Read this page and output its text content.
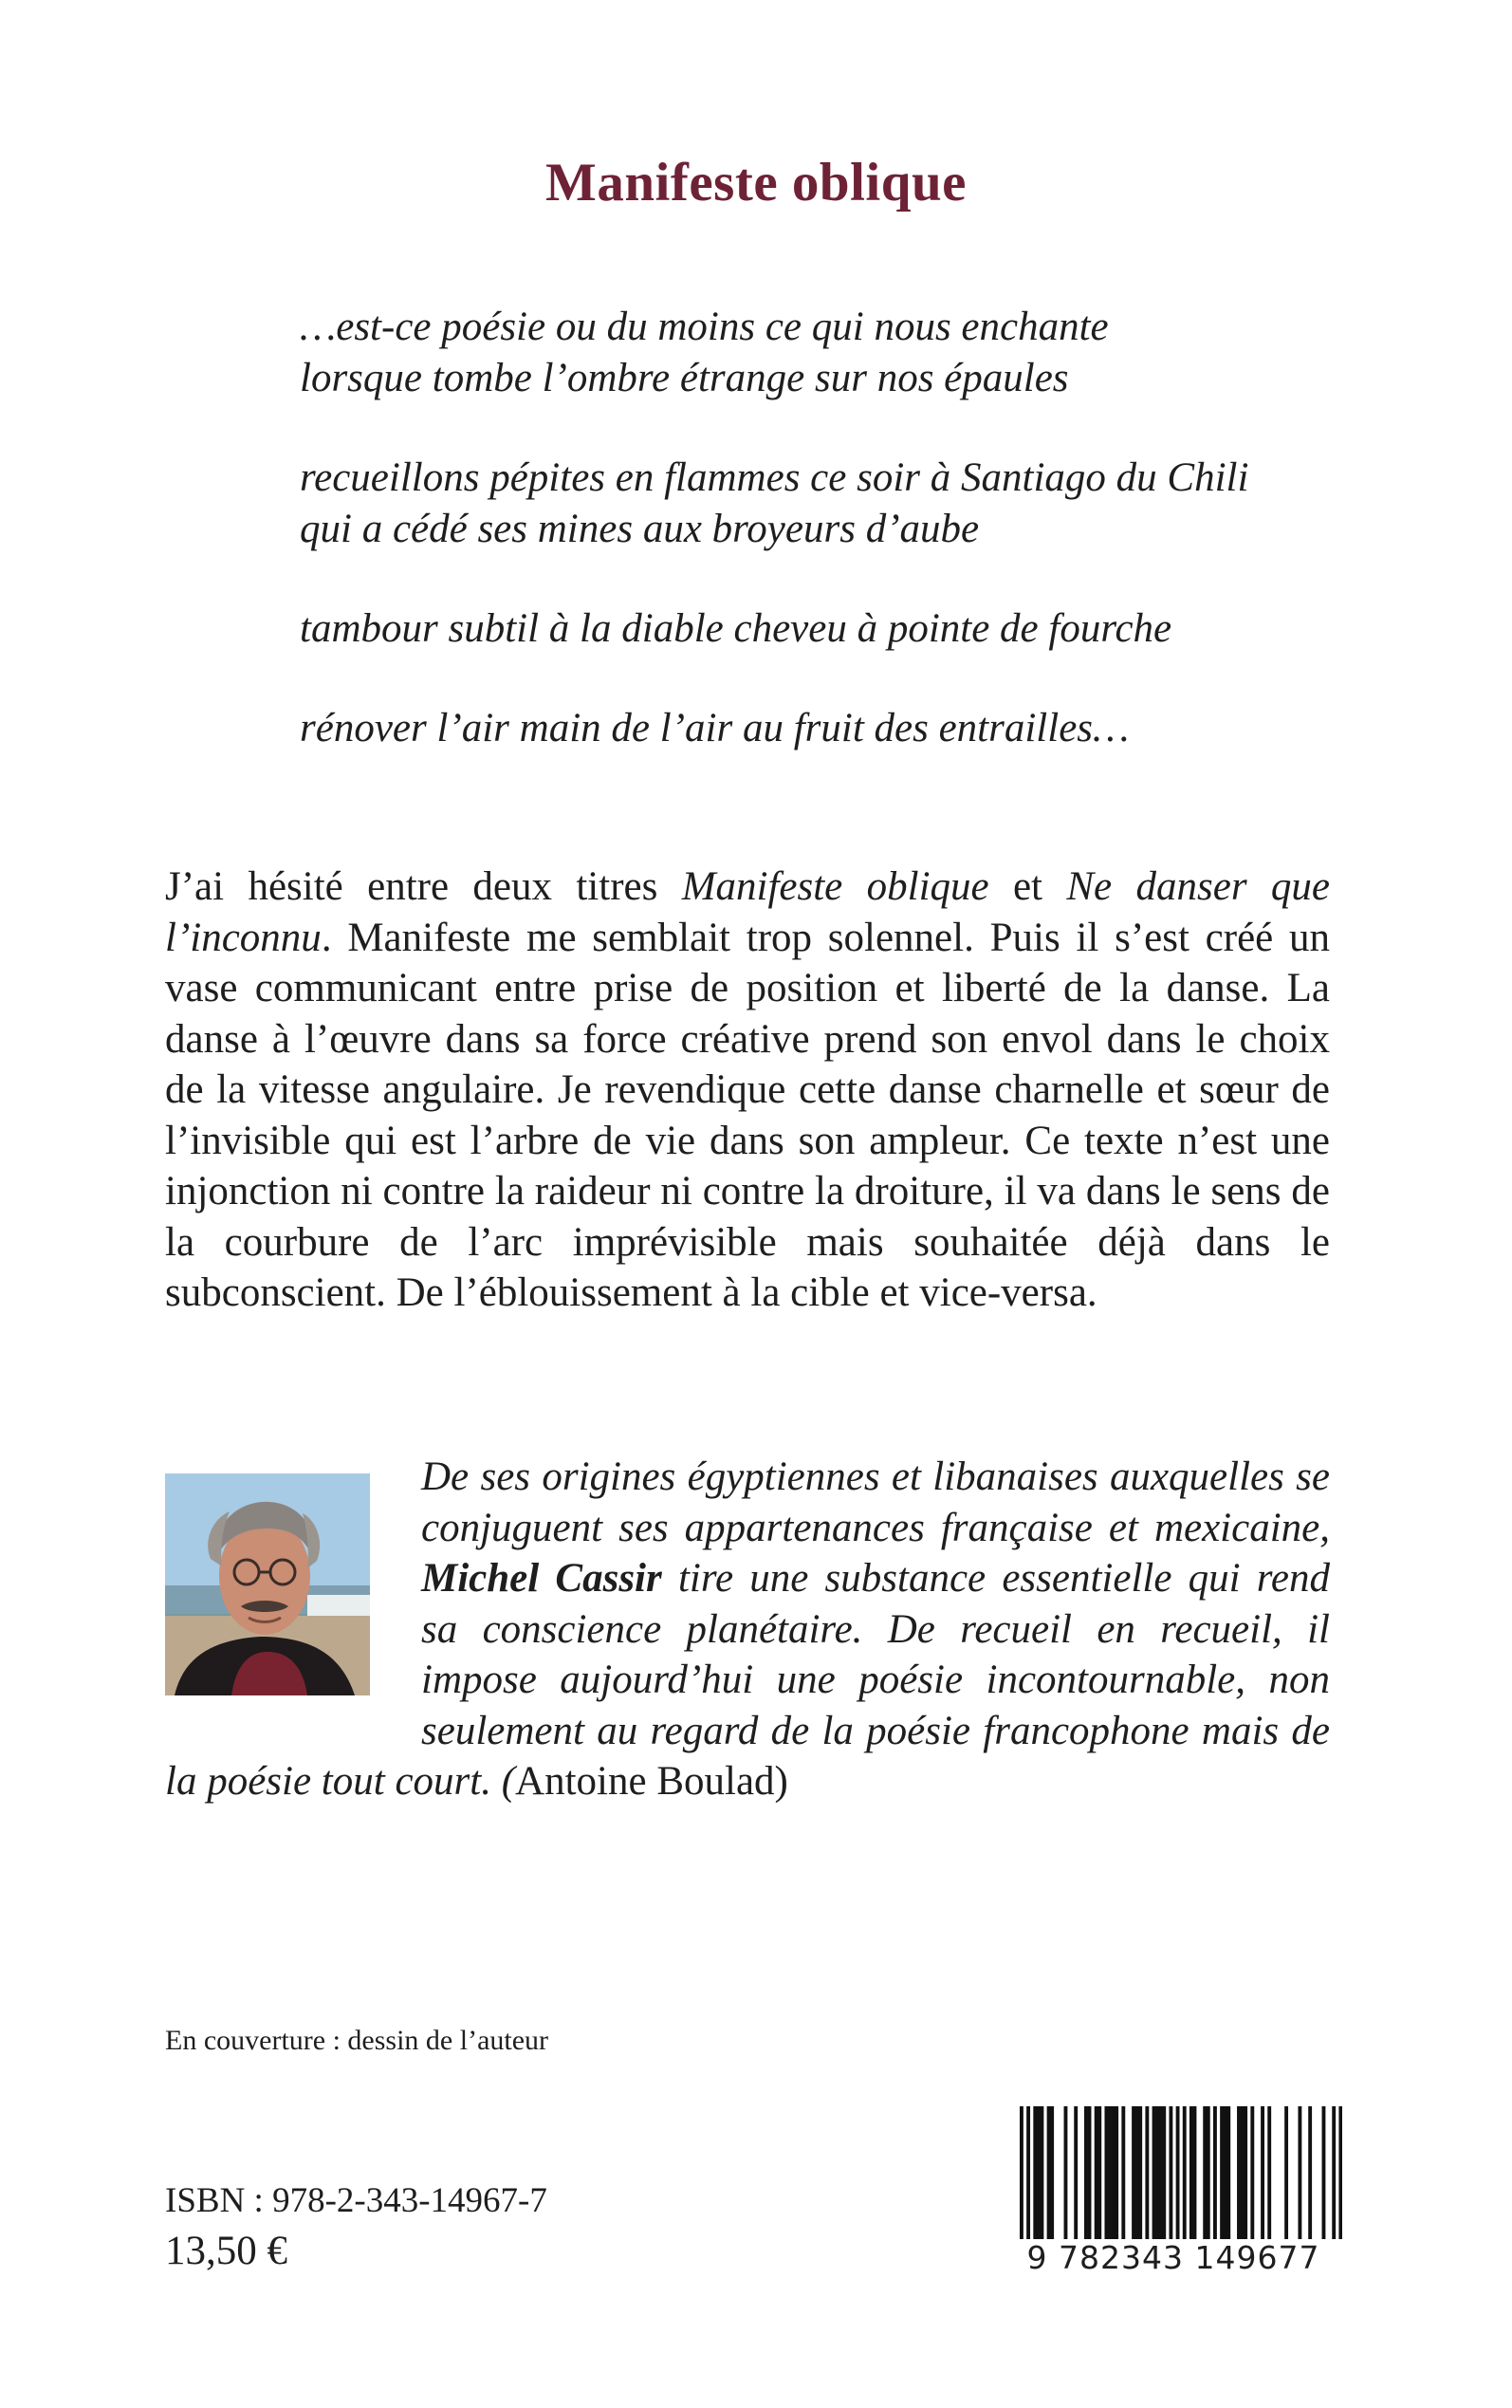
Manifeste oblique
…est-ce poésie ou du moins ce qui nous enchante
lorsque tombe l’ombre étrange sur nos épaules
recueillons pépites en flammes ce soir à Santiago du Chili
qui a cédé ses mines aux broyeurs d’aube
tambour subtil à la diable cheveu à pointe de fourche
rénover l’air main de l’air au fruit des entrailles…
J’ai hésité entre deux titres Manifeste oblique et Ne danser que l’inconnu. Manifeste me semblait trop solennel. Puis il s’est créé un vase communicant entre prise de position et liberté de la danse. La danse à l’œuvre dans sa force créative prend son envol dans le choix de la vitesse angulaire. Je revendique cette danse charnelle et sœur de l’invisible qui est l’arbre de vie dans son ampleur. Ce texte n’est une injonction ni contre la raideur ni contre la droiture, il va dans le sens de la courbure de l’arc imprévisible mais souhaitée déjà dans le subconscient. De l’éblouissement à la cible et vice-versa.
De ses origines égyptiennes et libanaises auxquelles se conjuguent ses appartenances française et mexicaine, Michel Cassir tire une substance essentielle qui rend sa conscience planétaire. De recueil en recueil, il impose aujourd’hui une poésie incontournable, non seulement au regard de la poésie francophone mais de la poésie tout court. (Antoine Boulad)
En couverture : dessin de l’auteur
ISBN : 978-2-343-14967-7
13,50 €	9 782343 149677
